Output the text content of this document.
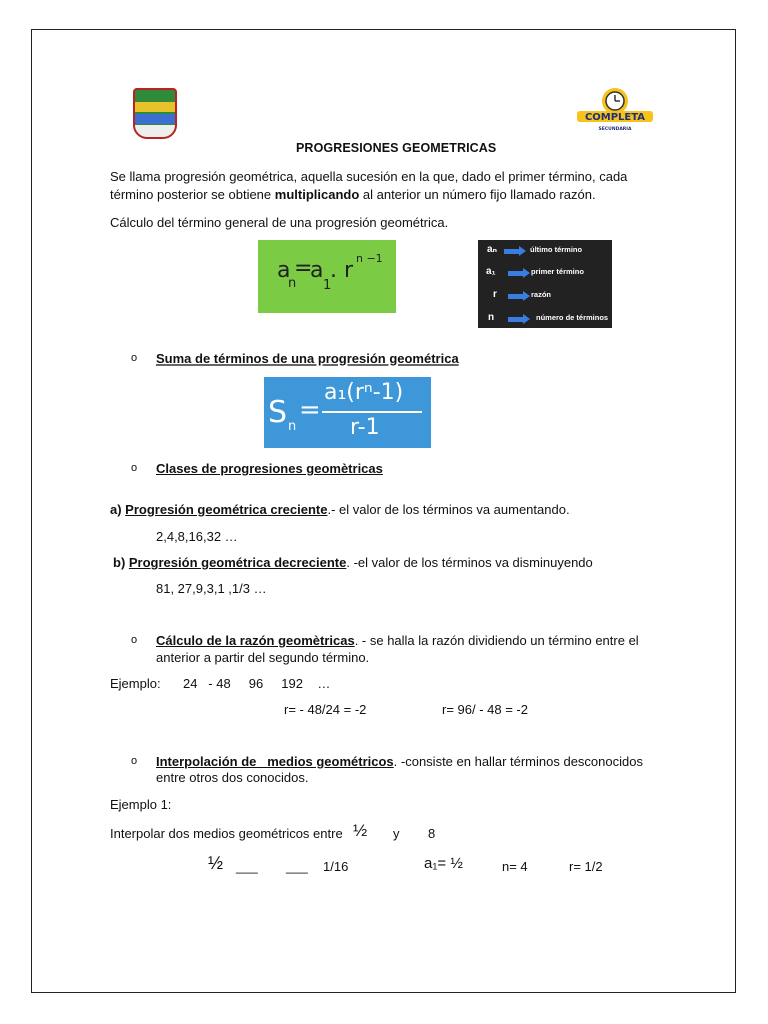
COMPLETA
SECUNDARIA
PROGRESIONES GEOMETRICAS
Se llama progresión geométrica, aquella sucesión en la que, dado el primer término, cada
término posterior se obtiene multiplicando al anterior un número fijo llamado razón.
Cálculo del término general de una progresión geométrica.
a
n
=
a
1
. r n −1
aₙ	último término
a₁	primer término
r	razón
n	número de términos
o Suma de términos de una progresión geométrica
S n
=
a₁(rⁿ-1)
r-1
o Clases de progresiones geomètricas
a) Progresión geométrica creciente.- el valor de los términos va aumentando.
2,4,8,16,32 …
b) Progresión geométrica decreciente. -el valor de los términos va disminuyendo
81, 27,9,3,1 ,1/3 …
o Cálculo de la razón geomètricas. - se halla la razón dividiendo un término entre el
anterior a partir del segundo término.
Ejemplo: 24   - 48     96     192    …
r= - 48/24 = -2	r= 96/ - 48 = -2
o Interpolación de   medios geométricos. -consiste en hallar términos desconocidos
entre otros dos conocidos.
Ejemplo 1:
Interpolar dos medios geométricos entre ½ y 8
½ ___ ___ 1/16	a₁= ½	n= 4	r= 1/2
